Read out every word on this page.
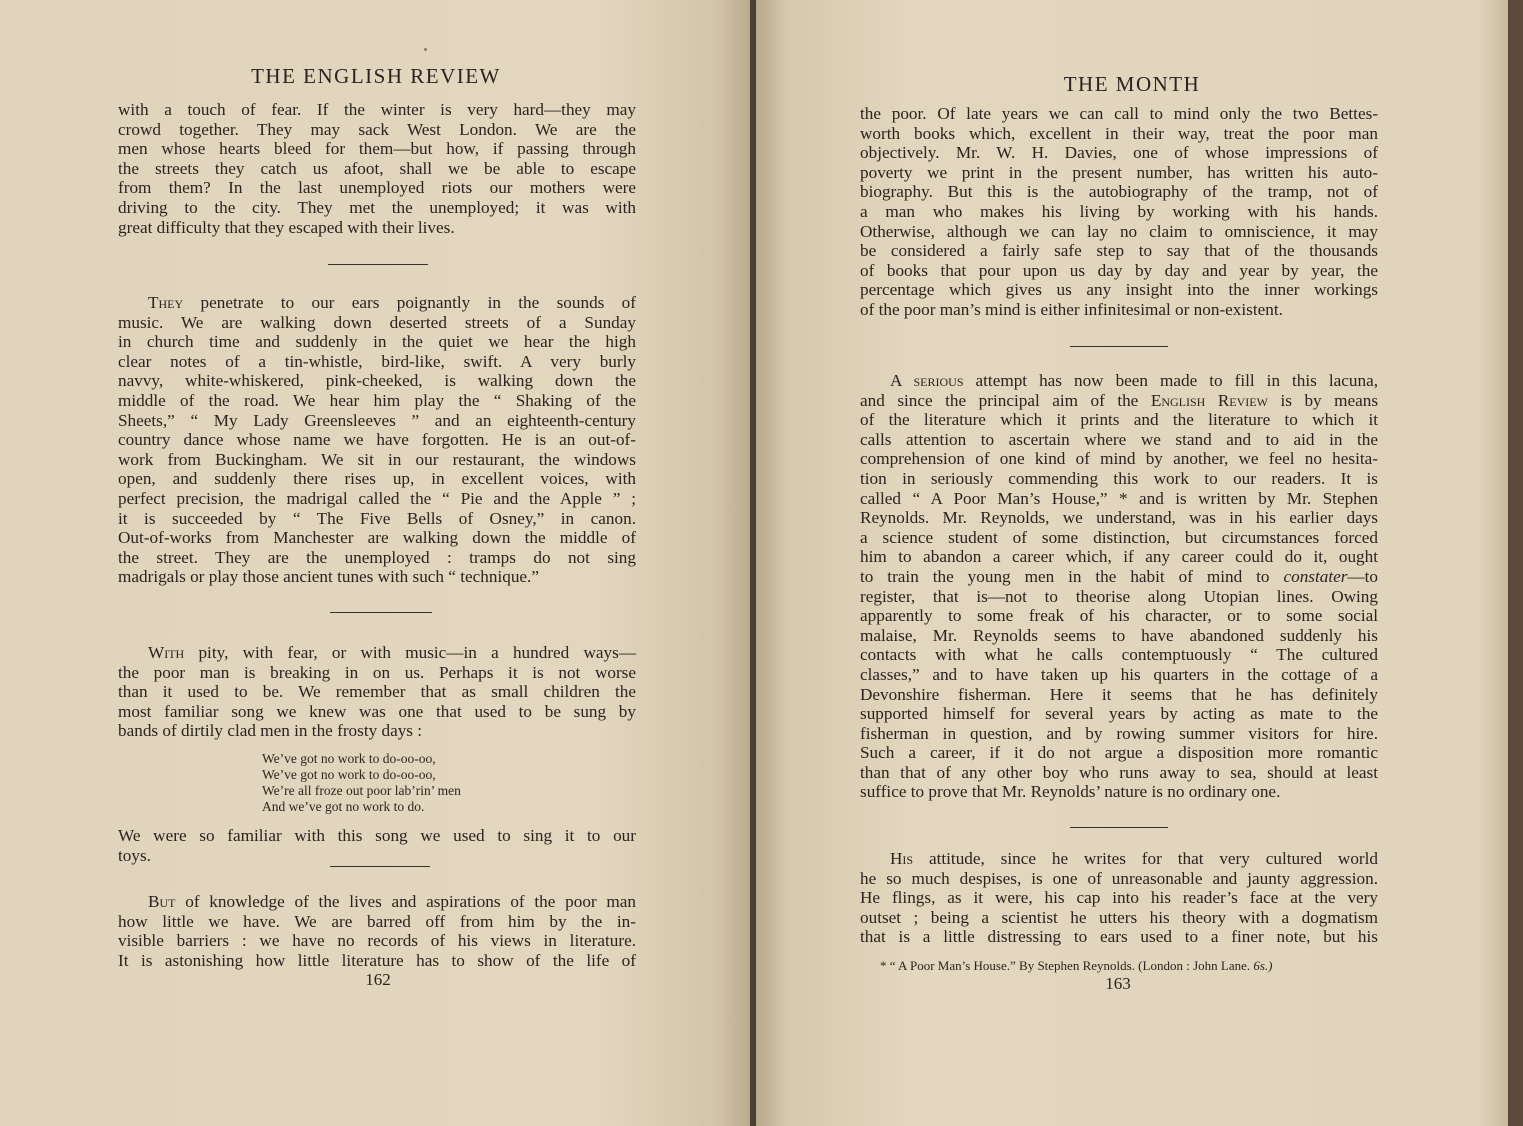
THE ENGLISH REVIEW
with a touch of fear. If the winter is very hard—they may
crowd together. They may sack West London. We are the
men whose hearts bleed for them—but how, if passing through
the streets they catch us afoot, shall we be able to escape
from them? In the last unemployed riots our mothers were
driving to the city. They met the unemployed; it was with
great difficulty that they escaped with their lives.
They penetrate to our ears poignantly in the sounds of
music. We are walking down deserted streets of a Sunday
in church time and suddenly in the quiet we hear the high
clear notes of a tin-whistle, bird-like, swift. A very burly
navvy, white-whiskered, pink-cheeked, is walking down the
middle of the road. We hear him play the “ Shaking of the
Sheets,” “ My Lady Greensleeves ” and an eighteenth-century
country dance whose name we have forgotten. He is an out-of-
work from Buckingham. We sit in our restaurant, the windows
open, and suddenly there rises up, in excellent voices, with
perfect precision, the madrigal called the “ Pie and the Apple ” ;
it is succeeded by “ The Five Bells of Osney,” in canon.
Out-of-works from Manchester are walking down the middle of
the street. They are the unemployed : tramps do not sing
madrigals or play those ancient tunes with such “ technique.”
With pity, with fear, or with music—in a hundred ways—
the poor man is breaking in on us. Perhaps it is not worse
than it used to be. We remember that as small children the
most familiar song we knew was one that used to be sung by
bands of dirtily clad men in the frosty days :
We’ve got no work to do-oo-oo,
We’ve got no work to do-oo-oo,
We’re all froze out poor lab’rin’ men
And we’ve got no work to do.
We were so familiar with this song we used to sing it to our
toys.
But of knowledge of the lives and aspirations of the poor man
how little we have. We are barred off from him by the in-
visible barriers : we have no records of his views in literature.
It is astonishing how little literature has to show of the life of
162
THE MONTH
the poor. Of late years we can call to mind only the two Bettes-
worth books which, excellent in their way, treat the poor man
objectively. Mr. W. H. Davies, one of whose impressions of
poverty we print in the present number, has written his auto-
biography. But this is the autobiography of the tramp, not of
a man who makes his living by working with his hands.
Otherwise, although we can lay no claim to omniscience, it may
be considered a fairly safe step to say that of the thousands
of books that pour upon us day by day and year by year, the
percentage which gives us any insight into the inner workings
of the poor man’s mind is either infinitesimal or non-existent.
A serious attempt has now been made to fill in this lacuna,
and since the principal aim of the English Review is by means
of the literature which it prints and the literature to which it
calls attention to ascertain where we stand and to aid in the
comprehension of one kind of mind by another, we feel no hesita-
tion in seriously commending this work to our readers. It is
called “ A Poor Man’s House,” * and is written by Mr. Stephen
Reynolds. Mr. Reynolds, we understand, was in his earlier days
a science student of some distinction, but circumstances forced
him to abandon a career which, if any career could do it, ought
to train the young men in the habit of mind to constater—to
register, that is—not to theorise along Utopian lines. Owing
apparently to some freak of his character, or to some social
malaise, Mr. Reynolds seems to have abandoned suddenly his
contacts with what he calls contemptuously “ The cultured
classes,” and to have taken up his quarters in the cottage of a
Devonshire fisherman. Here it seems that he has definitely
supported himself for several years by acting as mate to the
fisherman in question, and by rowing summer visitors for hire.
Such a career, if it do not argue a disposition more romantic
than that of any other boy who runs away to sea, should at least
suffice to prove that Mr. Reynolds’ nature is no ordinary one.
His attitude, since he writes for that very cultured world
he so much despises, is one of unreasonable and jaunty aggression.
He flings, as it were, his cap into his reader’s face at the very
outset ; being a scientist he utters his theory with a dogmatism
that is a little distressing to ears used to a finer note, but his
* “ A Poor Man’s House.” By Stephen Reynolds. (London : John Lane. 6s.)
163
